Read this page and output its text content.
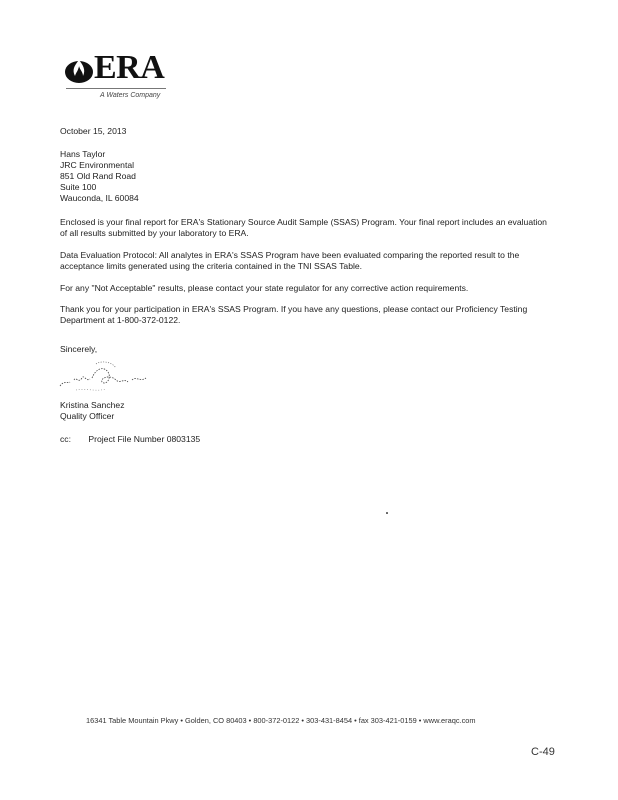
ERA
A Waters Company
October 15, 2013
Hans Taylor
JRC Environmental
851 Old Rand Road
Suite 100
Wauconda, IL 60084
Enclosed is your final report for ERA's Stationary Source Audit Sample (SSAS) Program. Your final report includes an evaluation of all results submitted by your laboratory to ERA.
Data Evaluation Protocol: All analytes in ERA's SSAS Program have been evaluated comparing the reported result to the acceptance limits generated using the criteria contained in the TNI SSAS Table.
For any "Not Acceptable" results, please contact your state regulator for any corrective action requirements.
Thank you for your participation in ERA's SSAS Program. If you have any questions, please contact our Proficiency Testing Department at 1-800-372-0122.
Sincerely,
Kristina Sanchez
Quality Officer
cc: Project File Number 0803135
16341 Table Mountain Pkwy • Golden, CO 80403 • 800-372-0122 • 303-431-8454 • fax 303-421-0159 • www.eraqc.com
C-49
